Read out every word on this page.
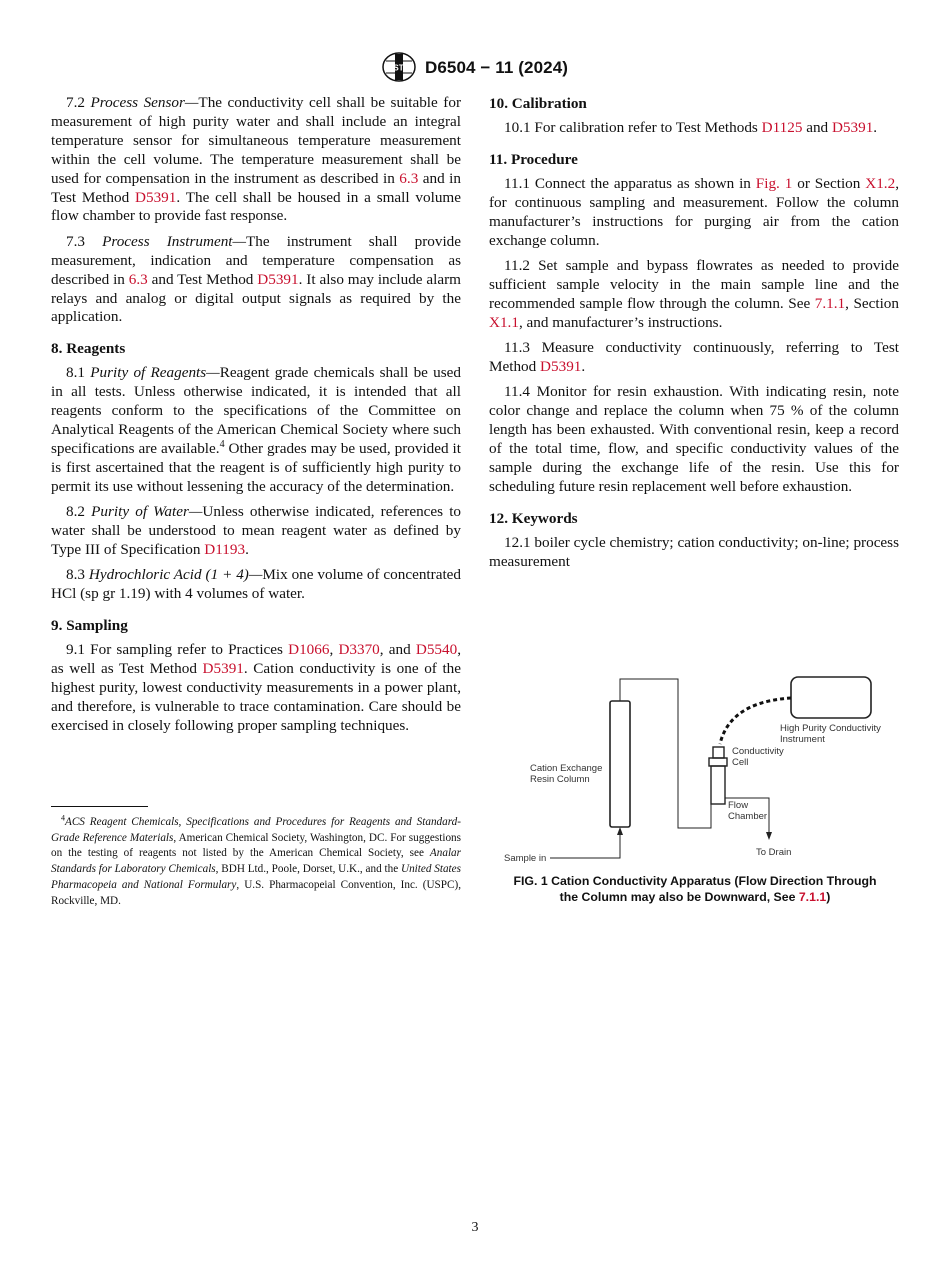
ASTM D6504 − 11 (2024)

7.2 Process Sensor—The conductivity cell shall be suitable for measurement of high purity water and shall include an integral temperature sensor for simultaneous temperature measurement within the cell volume. The temperature measurement shall be used for compensation in the instrument as described in 6.3 and in Test Method D5391. The cell shall be housed in a small volume flow chamber to provide fast response.

7.3 Process Instrument—The instrument shall provide measurement, indication and temperature compensation as described in 6.3 and Test Method D5391. It also may include alarm relays and analog or digital output signals as required by the application.

8. Reagents

8.1 Purity of Reagents—Reagent grade chemicals shall be used in all tests. Unless otherwise indicated, it is intended that all reagents conform to the specifications of the Committee on Analytical Reagents of the American Chemical Society where such specifications are available.$^4$ Other grades may be used, provided it is first ascertained that the reagent is of sufficiently high purity to permit its use without lessening the accuracy of the determination.

8.2 Purity of Water—Unless otherwise indicated, references to water shall be understood to mean reagent water as defined by Type III of Specification D1193.

8.3 Hydrochloric Acid (1 + 4)—Mix one volume of concentrated HCl (sp gr 1.19) with 4 volumes of water.

9. Sampling

9.1 For sampling refer to Practices D1066, D3370, and D5540, as well as Test Method D5391. Cation conductivity is one of the highest purity, lowest conductivity measurements in a power plant, and therefore, is vulnerable to trace contamination. Care should be exercised in closely following proper sampling techniques.

$^4$ACS Reagent Chemicals, Specifications and Procedures for Reagents and Standard-Grade Reference Materials, American Chemical Society, Washington, DC. For suggestions on the testing of reagents not listed by the American Chemical Society, see Analar Standards for Laboratory Chemicals, BDH Ltd., Poole, Dorset, U.K., and the United States Pharmacopeia and National Formulary, U.S. Pharmacopeial Convention, Inc. (USPC), Rockville, MD.
10. Calibration

10.1 For calibration refer to Test Methods D1125 and D5391.

11. Procedure

11.1 Connect the apparatus as shown in Fig. 1 or Section X1.2, for continuous sampling and measurement. Follow the column manufacturer’s instructions for purging air from the cation exchange column.

11.2 Set sample and bypass flowrates as needed to provide sufficient sample velocity in the main sample line and the recommended sample flow through the column. See 7.1.1, Section X1.1, and manufacturer’s instructions.

11.3 Measure conductivity continuously, referring to Test Method D5391.

11.4 Monitor for resin exhaustion. With indicating resin, note color change and replace the column when 75 % of the column length has been exhausted. With conventional resin, keep a record of the total time, flow, and specific conductivity values of the sample during the exchange life of the resin. Use this for scheduling future resin replacement well before exhaustion.

12. Keywords

12.1 boiler cycle chemistry; cation conductivity; on-line; process measurement

High Purity Conductivity
Instrument
Conductivity
Cell
Cation Exchange
Resin Column
Flow
Chamber
To Drain
Sample in
FIG. 1 Cation Conductivity Apparatus (Flow Direction Through
the Column may also be Downward, See 7.1.1)
3
